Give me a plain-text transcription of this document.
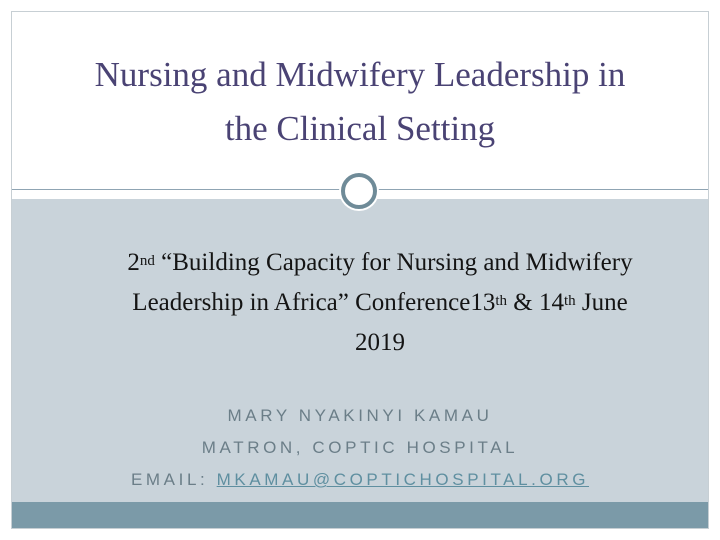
Nursing and Midwifery Leadership in
the Clinical Setting
2nd “Building Capacity for Nursing and Midwifery
Leadership in Africa” Conference13th & 14th June
2019
MARY NYAKINYI KAMAU
MATRON, COPTIC HOSPITAL
EMAIL: MKAMAU@COPTICHOSPITAL.ORG
